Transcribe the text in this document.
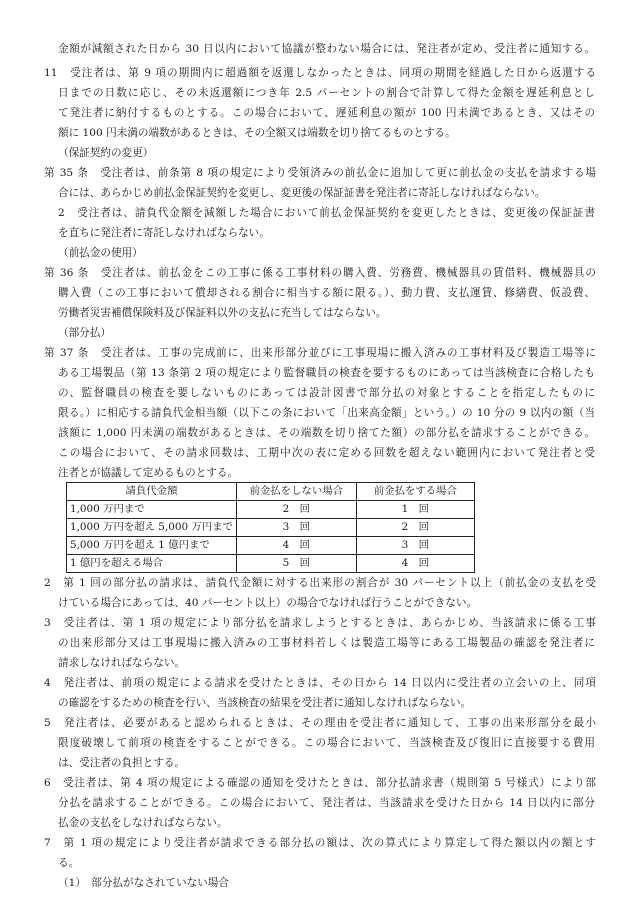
金額が減額された日から 30 日以内において協議が整わない場合には、発注者が定め、受注者に通知する。
11　受注者は、第 9 項の期間内に超過額を返還しなかったときは、同項の期間を経過した日から返還する
日までの日数に応じ、その未返還額につき年 2.5 パーセントの割合で計算して得た金額を遅延利息とし
て発注者に納付するものとする。この場合において、遅延利息の額が 100 円未満であるとき、又はその
額に 100 円未満の端数があるときは、その全額又は端数を切り捨てるものとする。
（保証契約の変更）
第 35 条　受注者は、前条第 8 項の規定により受領済みの前払金に追加して更に前払金の支払を請求する場
合には、あらかじめ前払金保証契約を変更し、変更後の保証証書を発注者に寄託しなければならない。
2　受注者は、請負代金額を減額した場合において前払金保証契約を変更したときは、変更後の保証証書
を直ちに発注者に寄託しなければならない。
（前払金の使用）
第 36 条　受注者は、前払金をこの工事に係る工事材料の購入費、労務費、機械器具の賃借料、機械器具の
購入費（この工事において償却される割合に相当する額に限る。）、動力費、支払運賃、修繕費、仮設費、
労働者災害補償保険料及び保証料以外の支払に充当してはならない。
（部分払）
第 37 条　受注者は、工事の完成前に、出来形部分並びに工事現場に搬入済みの工事材料及び製造工場等に
ある工場製品（第 13 条第 2 項の規定により監督職員の検査を要するものにあっては当該検査に合格したも
の、監督職員の検査を要しないものにあっては設計図書で部分払の対象とすることを指定したものに
限る。）に相応する請負代金相当額（以下この条において「出来高金額」という。）の 10 分の 9 以内の額（当
該額に 1,000 円未満の端数があるときは、その端数を切り捨てた額）の部分払を請求することができる。
この場合において、その請求回数は、工期中次の表に定める回数を超えない範囲内において発注者と受
注者とが協議して定めるものとする。
請負代金額	前金払をしない場合	前金払をする場合
1,000 万円まで	2　回	1　回
1,000 万円を超え 5,000 万円まで	3　回	2　回
5,000 万円を超え 1 億円まで	4　回	3　回
1 億円を超える場合	5　回	4　回
2　第 1 回の部分払の請求は、請負代金額に対する出来形の割合が 30 パーセント以上（前払金の支払を受
けている場合にあっては、40 パーセント以上）の場合でなければ行うことができない。
3　受注者は、第 1 項の規定により部分払を請求しようとするときは、あらかじめ、当該請求に係る工事
の出来形部分又は工事現場に搬入済みの工事材料若しくは製造工場等にある工場製品の確認を発注者に
請求しなければならない。
4　発注者は、前項の規定による請求を受けたときは、その日から 14 日以内に受注者の立会いの上、同項
の確認をするための検査を行い、当該検査の結果を受注者に通知しなければならない。
5　発注者は、必要があると認められるときは、その理由を受注者に通知して、工事の出来形部分を最小
限度破壊して前項の検査をすることができる。この場合において、当該検査及び復旧に直接要する費用
は、受注者の負担とする。
6　受注者は、第 4 項の規定による確認の通知を受けたときは、部分払請求書（規則第 5 号様式）により部
分払を請求することができる。この場合において、発注者は、当該請求を受けた日から 14 日以内に部分
払金の支払をしなければならない。
7　第 1 項の規定により受注者が請求できる部分払の額は、次の算式により算定して得た額以内の額とす
る。
（1）　部分払がなされていない場合
